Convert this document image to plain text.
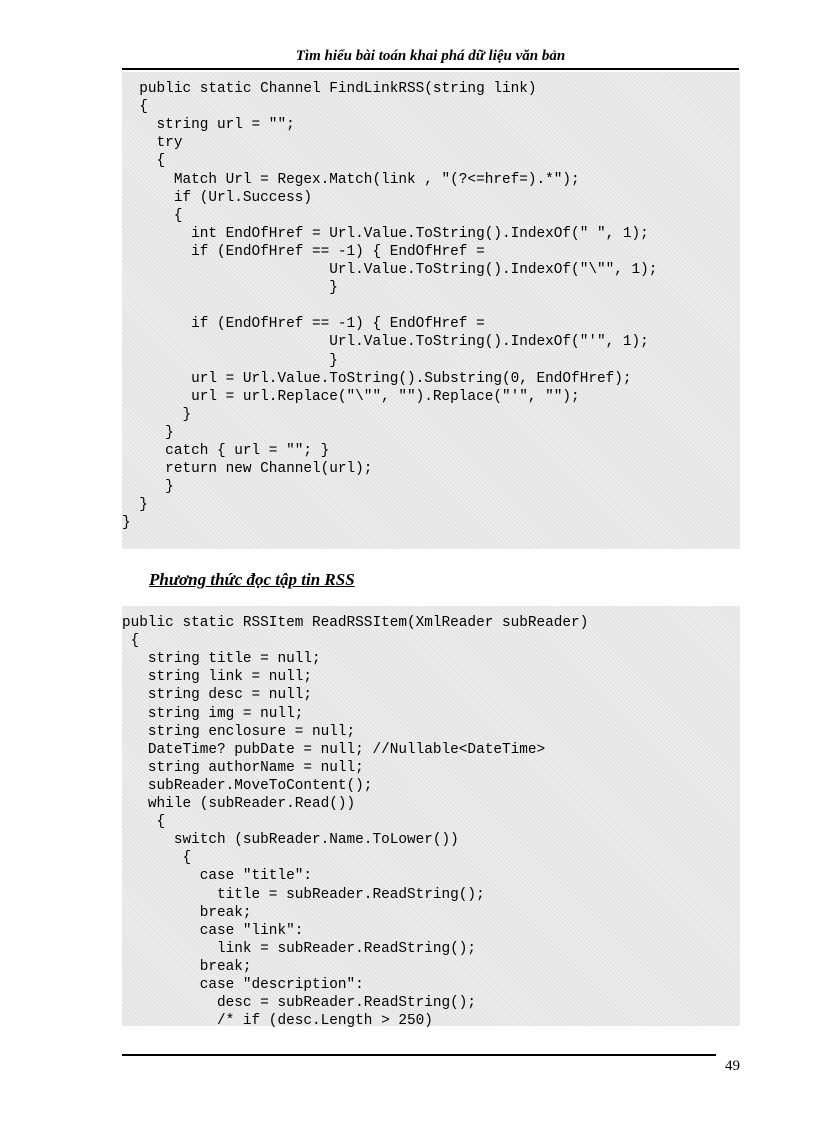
Tìm hiểu bài toán khai phá dữ liệu văn bản
public static Channel FindLinkRSS(string link)
{
string url = "";
try
{
Match Url = Regex.Match(link , "(?<=href=).*");
if (Url.Success)
{
int EndOfHref = Url.Value.ToString().IndexOf(" ", 1);
if (EndOfHref == -1) { EndOfHref =
Url.Value.ToString().IndexOf("\"", 1);
}
if (EndOfHref == -1) { EndOfHref =
Url.Value.ToString().IndexOf("'", 1);
}
url = Url.Value.ToString().Substring(0, EndOfHref);
url = url.Replace("\"", "").Replace("'", "");
}
}
catch { url = ""; }
return new Channel(url);
}
}
}
Phương thức đọc tập tin RSS
public static RSSItem ReadRSSItem(XmlReader subReader)
{
string title = null;
string link = null;
string desc = null;
string img = null;
string enclosure = null;
DateTime? pubDate = null; //Nullable<DateTime>
string authorName = null;
subReader.MoveToContent();
while (subReader.Read())
{
switch (subReader.Name.ToLower())
{
case "title":
title = subReader.ReadString();
break;
case "link":
link = subReader.ReadString();
break;
case "description":
desc = subReader.ReadString();
/* if (desc.Length > 250)
49
